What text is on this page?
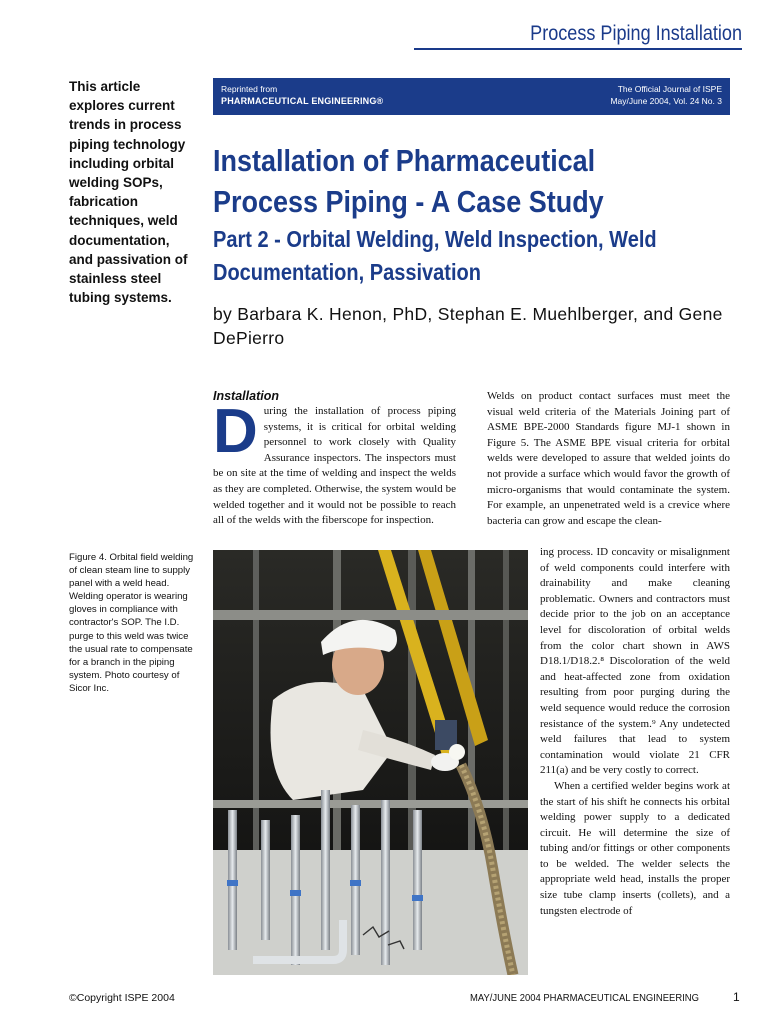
Process Piping Installation
This article explores current trends in process piping technology including orbital welding SOPs, fabrication techniques, weld documentation, and passivation of stainless steel tubing systems.
Reprinted from
PHARMACEUTICAL ENGINEERING®
The Official Journal of ISPE
May/June 2004, Vol. 24 No. 3
Installation of Pharmaceutical Process Piping - A Case Study
Part 2 - Orbital Welding, Weld Inspection, Weld Documentation, Passivation
by Barbara K. Henon, PhD, Stephan E. Muehlberger, and Gene DePierro
Installation

D uring the installation of process piping systems, it is critical for orbital welding personnel to work closely with Quality Assurance inspectors. The inspectors must be on site at the time of welding and inspect the welds as they are completed. Otherwise, the system would be welded together and it would not be possible to reach all of the welds with the fiberscope for inspection.

Welds on product contact surfaces must meet the visual weld criteria of the Materials Joining part of ASME BPE-2000 Standards figure MJ-1 shown in Figure 5. The ASME BPE visual criteria for orbital welds were developed to assure that welded joints do not provide a surface which would favor the growth of micro-organisms that would contaminate the system. For example, an unpenetrated weld is a crevice where bacteria can grow and escape the clean-

ing process. ID concavity or misalignment of weld components could interfere with drainability and make cleaning problematic. Owners and contractors must decide prior to the job on an acceptance level for discoloration of orbital welds from the color chart shown in AWS D18.1/D18.2.⁸ Discoloration of the weld and heat-affected zone from oxidation resulting from poor purging during the weld sequence would reduce the corrosion resistance of the system.⁹ Any undetected weld failures that lead to system contamination would violate 21 CFR 211(a) and be very costly to correct.

When a certified welder begins work at the start of his shift he connects his orbital welding power supply to a dedicated circuit. He will determine the size of tubing and/or fittings or other components to be welded. The welder selects the appropriate weld head, installs the proper size tube clamp inserts (collets), and a tungsten electrode of

Figure 4. Orbital field welding of clean steam line to supply panel with a weld head. Welding operator is wearing gloves in compliance with contractor's SOP. The I.D. purge to this weld was twice the usual rate to compensate for a branch in the piping system. Photo courtesy of Sicor Inc.
©Copyright ISPE 2004	MAY/JUNE 2004 PHARMACEUTICAL ENGINEERING	1
